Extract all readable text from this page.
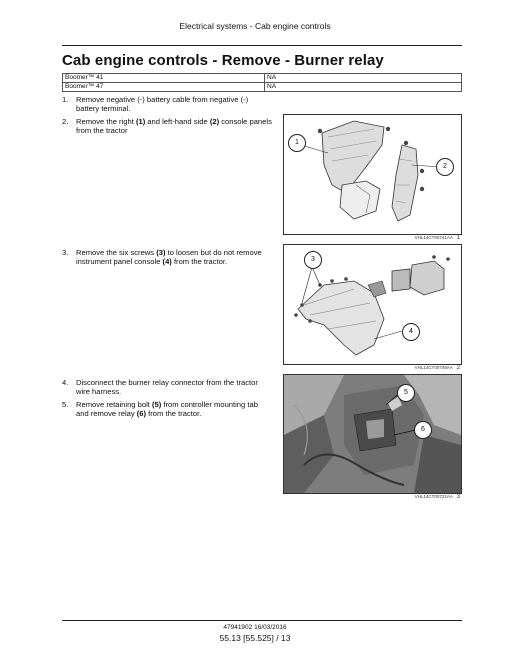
Electrical systems - Cab engine controls
Cab engine controls - Remove - Burner relay
Boomer™ 41	NA
Boomer™ 47	NA
1. Remove negative (-) battery cable from negative (-) battery terminal.
2. Remove the right (1) and left-hand side (2) console panels from the tractor
1
2
VHL14CT00741AA 1
3. Remove the six screws (3) to loosen but do not remove instrument panel console (4) from the tractor.	3
4
VHL14CT00749AA 2
4. Disconnect the burner relay connector from the tractor wire harness.
5. Remove retaining bolt (5) from controller mounting tab and remove relay (6) from the tractor.
5
6
VHL14CT00722AA 3
47941902 16/03/2016
55.13 [55.525] / 13
